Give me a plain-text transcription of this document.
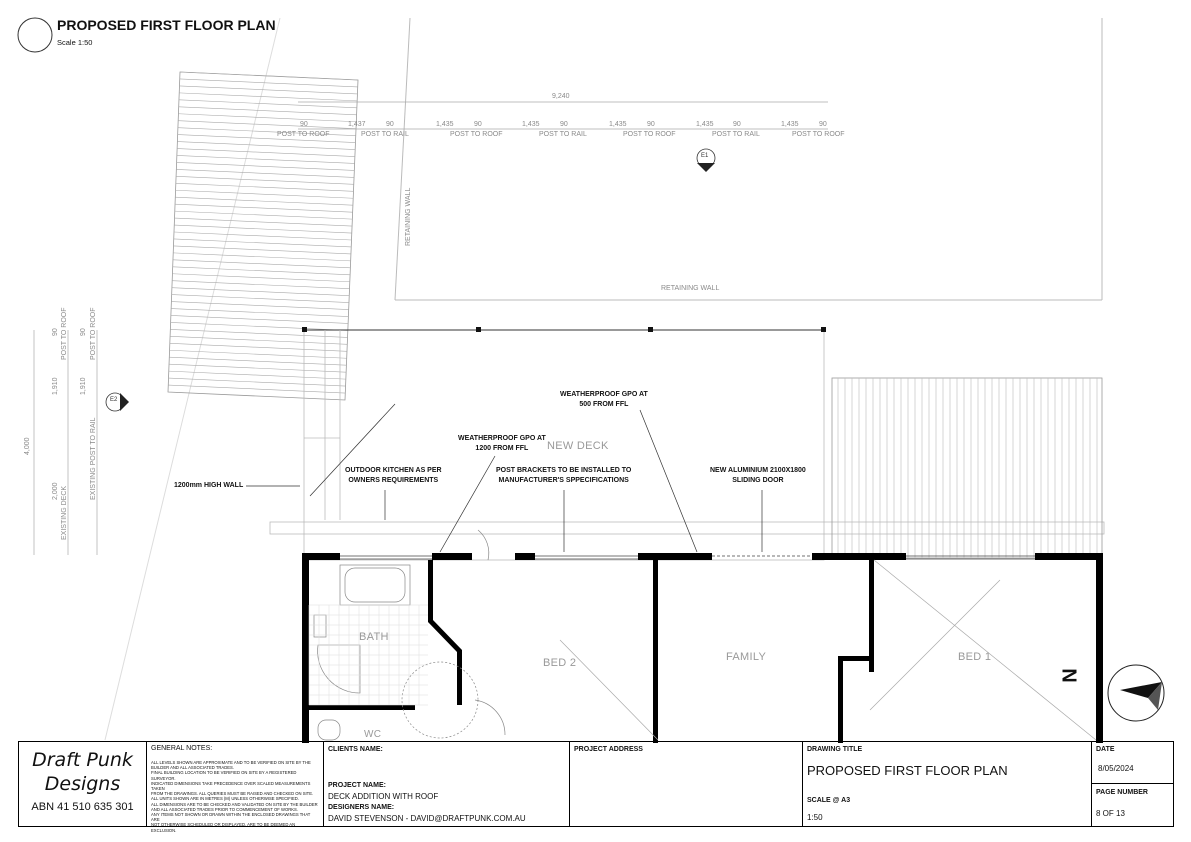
PROPOSED FIRST FLOOR PLAN
Scale 1:50
9,240
90	1,437	90	1,435	90	1,435	90	1,435	90	1,435	90	1,435	90
POST TO ROOF	POST TO RAIL	POST TO ROOF	POST TO RAIL	POST TO ROOF	POST TO RAIL	POST TO ROOF
E1
E2
RETAINING WALL
RETAINING WALL
4,000
90
1,910
90
1,910
2,000
POST TO ROOF	POST TO ROOF
EXISTING POST TO RAIL
EXISTING DECK
NEW DECK
BATH
BED 2	FAMILY	BED 1
WC
N
1200mm HIGH WALL
OUTDOOR KITCHEN AS PER
OWNERS REQUIREMENTS
WEATHERPROOF GPO AT
1200 FROM FFL
WEATHERPROOF GPO AT
500 FROM FFL
POST BRACKETS TO BE INSTALLED TO
MANUFACTURER'S SPPECIFICATIONS
NEW ALUMINIUM 2100X1800
SLIDING DOOR
Draft Punk
Designs
ABN 41 510 635 301
GENERAL NOTES:
ALL LEVELS SHOWN ARE APPROXIMATE AND TO BE VERIFIED ON SITE BY THE
BUILDER AND ALL ASSOCIATED TRADES.
FINAL BUILDING LOCATION TO BE VERIFIED ON SITE BY A REGISTERED SURVEYOR.
INDICATED DIMENSIONS TAKE PRECEDENCE OVER SCALED MEASUREMENTS TAKEN
FROM THE DRAWINGS. ALL QUERIES MUST BE RAISED AND CHECKED ON SITE.
ALL UNITS SHOWN ARE IN METRES (M) UNLESS OTHERWISE SPECIFIED.
ALL DIMENSIONS ARE TO BE CHECKED AND VALIDATED ON SITE BY THE BUILDER
AND ALL ASSOCIATED TRADES PRIOR TO COMMENCEMENT OF WORKS.
ANY ITEMS NOT SHOWN OR DRAWN WITHIN THE ENCLOSED DRAWINGS THAT ARE
NOT OTHERWISE SCHEDULED OR DISPLAYED, ARE TO BE DEEMED AN EXCLUSION.
CLIENTS NAME:
PROJECT NAME:
DECK ADDITION WITH ROOF
DESIGNERS NAME:
DAVID STEVENSON - DAVID@DRAFTPUNK.COM.AU
PROJECT ADDRESS	DRAWING TITLE
PROPOSED FIRST FLOOR PLAN
SCALE @ A3
1:50
DATE
8/05/2024
PAGE NUMBER
8 OF 13
